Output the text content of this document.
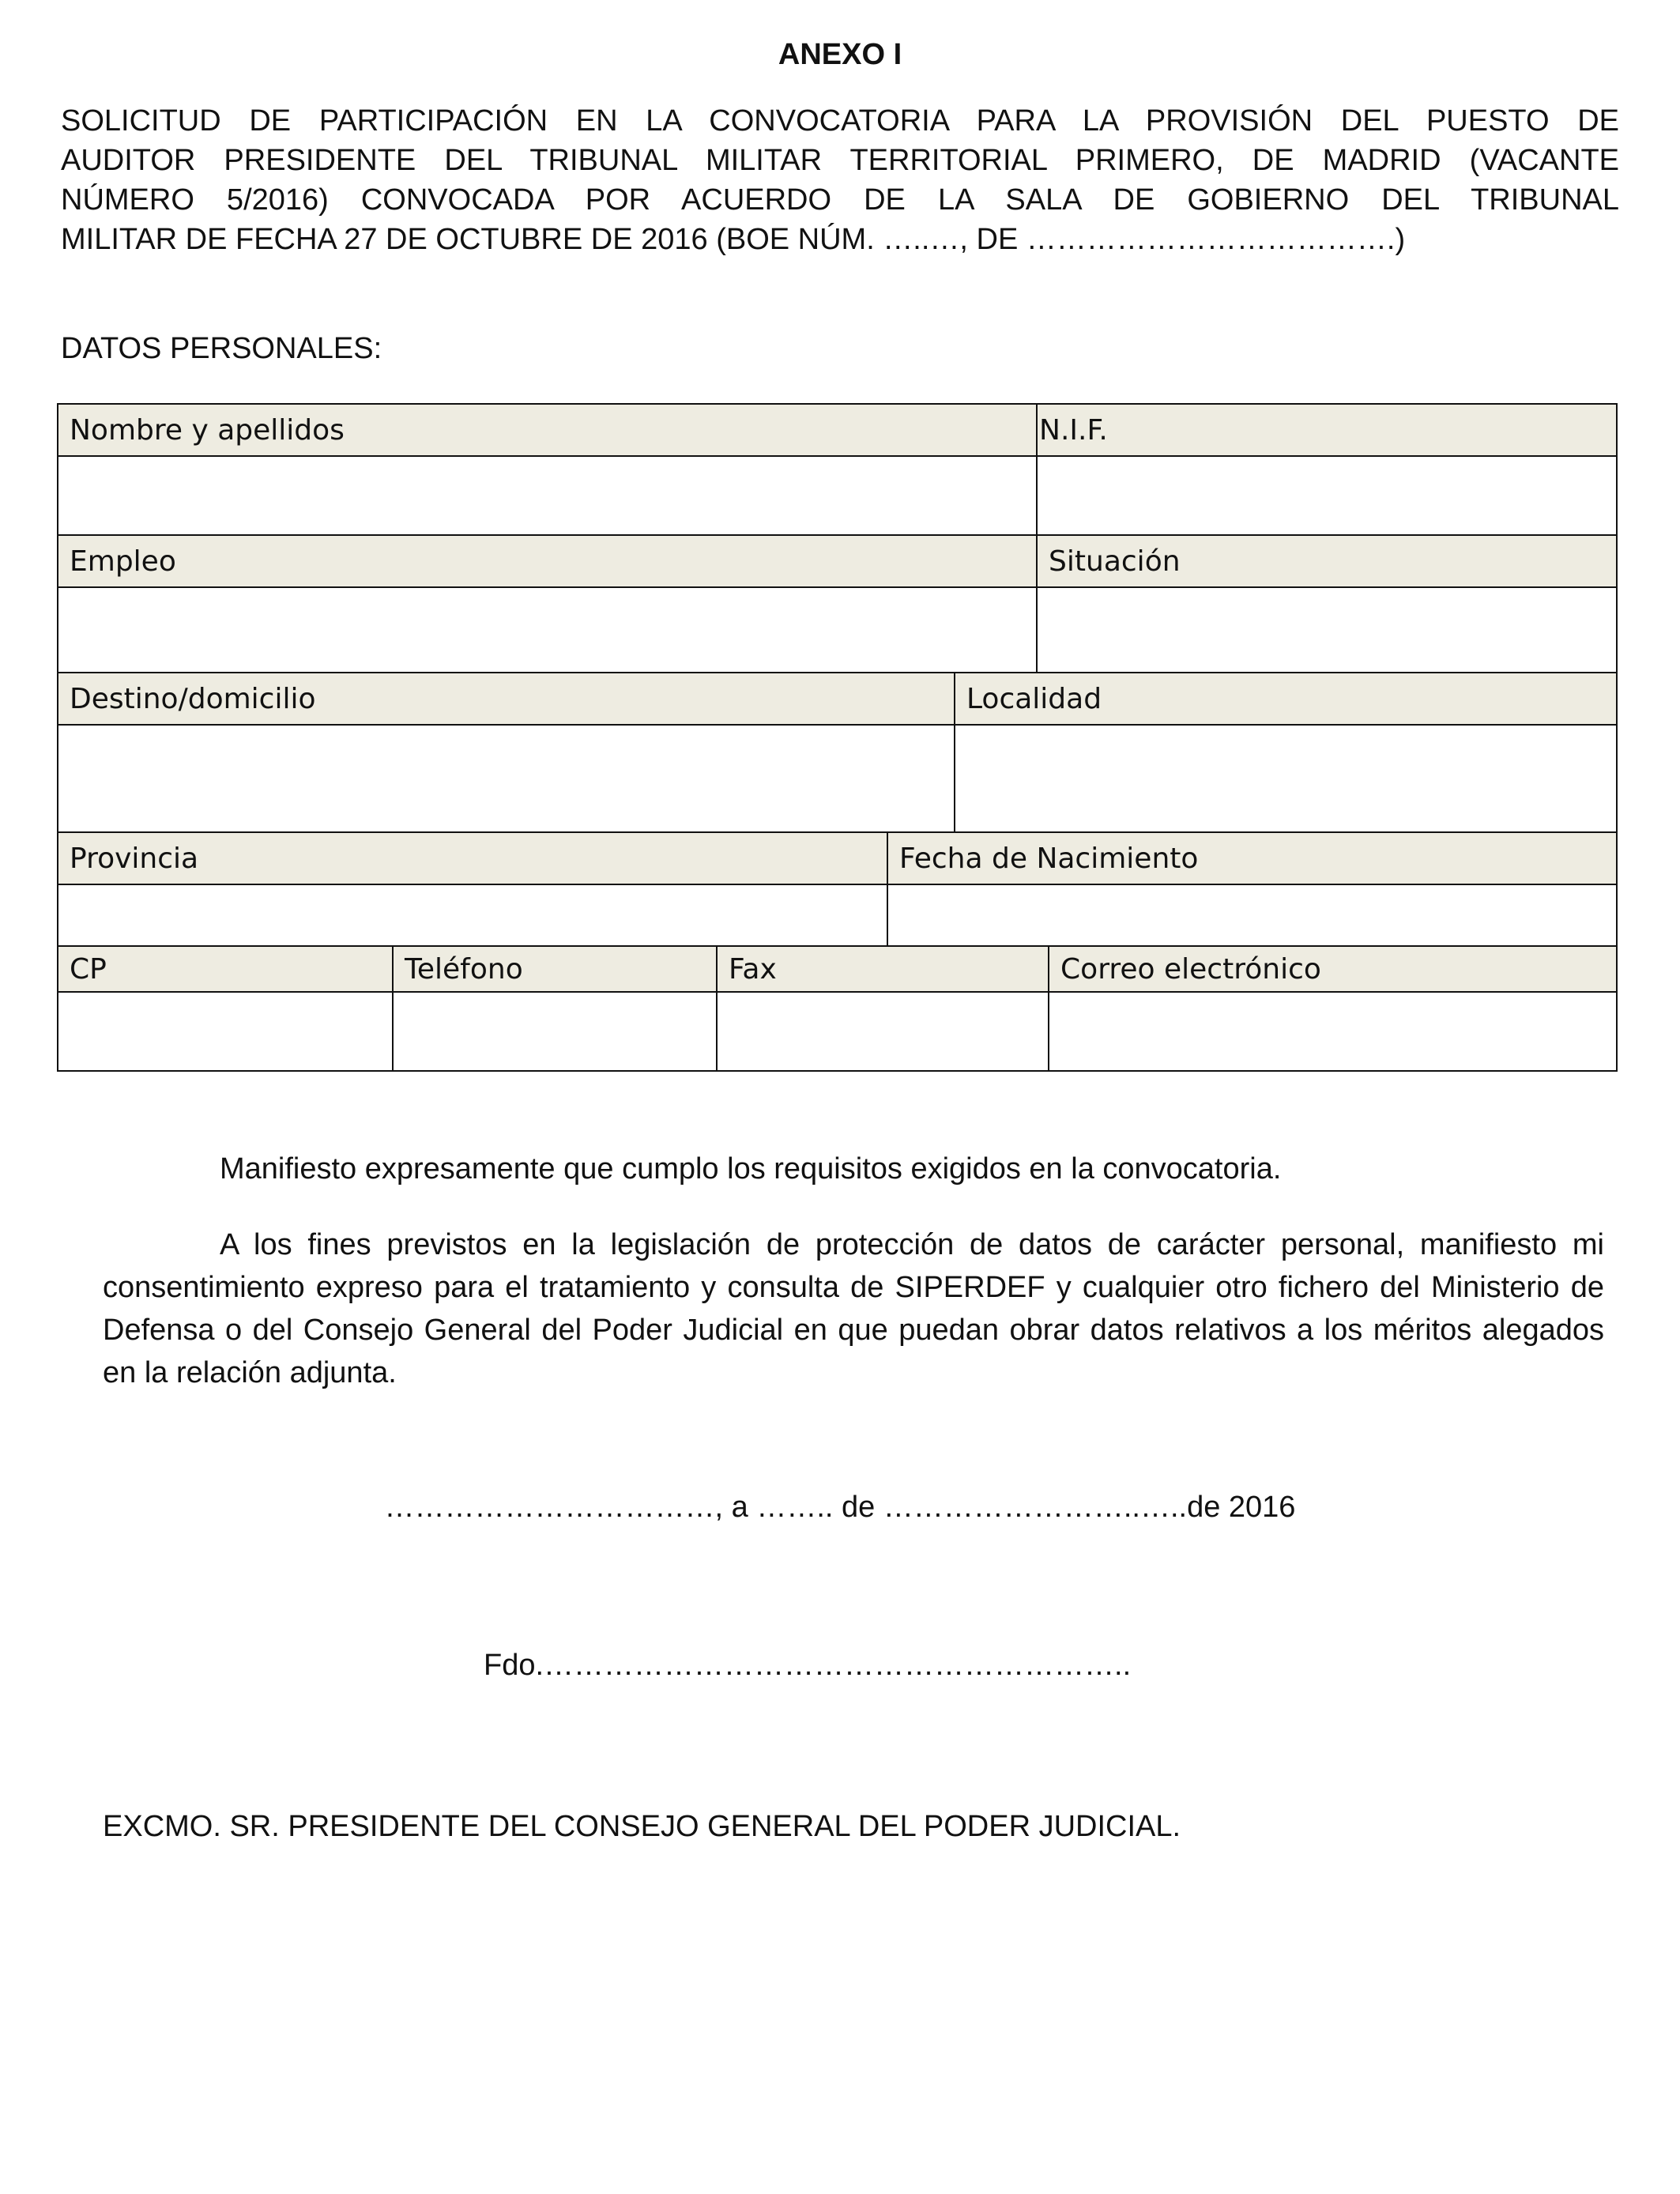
ANEXO I
SOLICITUD DE PARTICIPACIÓN EN LA CONVOCATORIA PARA LA PROVISIÓN DEL PUESTO DE
AUDITOR PRESIDENTE DEL TRIBUNAL MILITAR TERRITORIAL PRIMERO, DE MADRID (VACANTE
NÚMERO 5/2016) CONVOCADA POR ACUERDO DE LA SALA DE GOBIERNO DEL TRIBUNAL
MILITAR DE FECHA 27 DE OCTUBRE DE 2016 (BOE NÚM. …..…, DE ……………………………….)
DATOS PERSONALES:
Nombre y apellidos					N.I.F.	

Empleo					Situación	

Destino/domicilio				Localidad		

Provincia			Fecha de Nacimiento			

CP	Teléfono	Fax				Correo electrónico

Manifiesto expresamente que cumplo los requisitos exigidos en la convocatoria.

A los fines previstos en la legislación de protección de datos de carácter personal, manifiesto mi consentimiento expreso para el tratamiento y consulta de SIPERDEF y cualquier otro fichero del Ministerio de Defensa o del Consejo General del Poder Judicial en que puedan obrar datos relativos a los méritos alegados en la relación adjunta.

……………………………, a …….. de ……………………..…..de 2016
Fdo.…………………………………………………..
EXCMO. SR. PRESIDENTE DEL CONSEJO GENERAL DEL PODER JUDICIAL.
